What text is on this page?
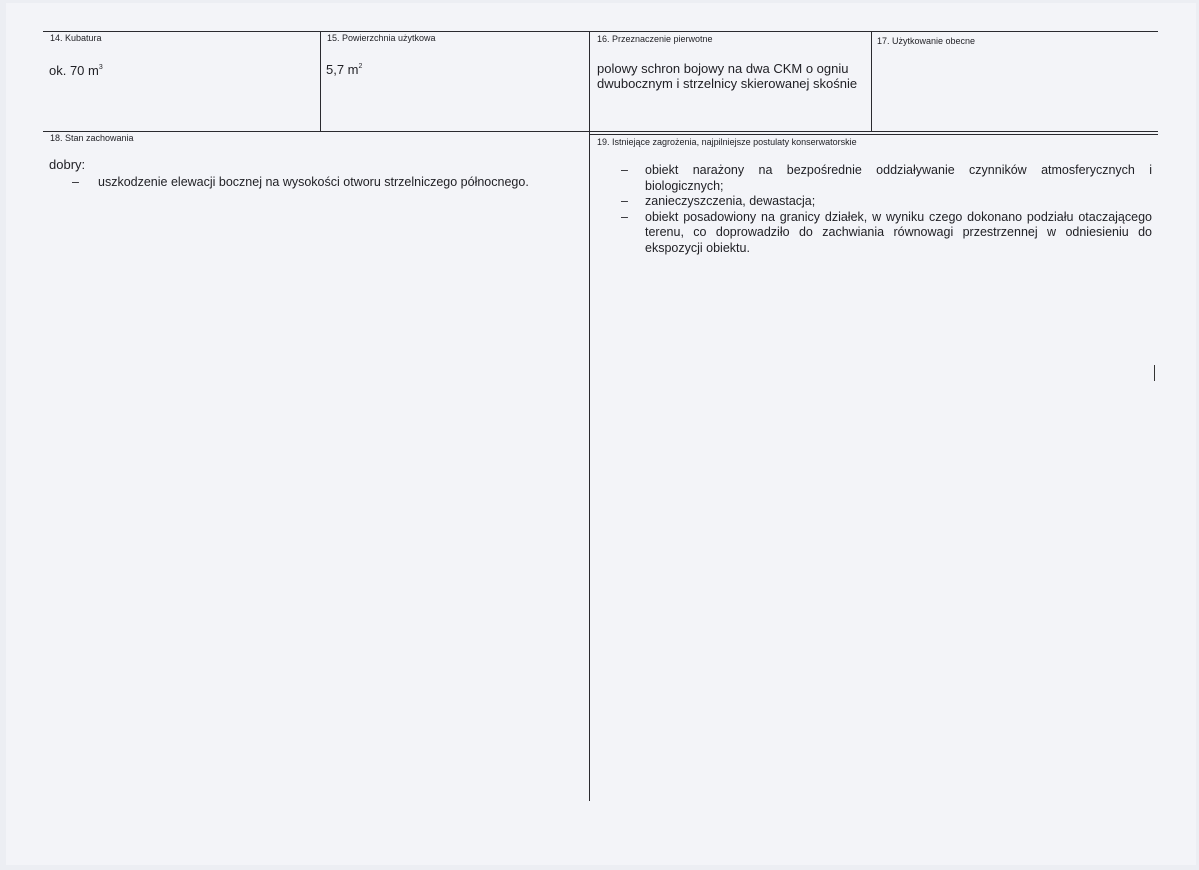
14. Kubatura
ok. 70 $m^3$
15. Powierzchnia użytkowa
5,7 $m^2$
16. Przeznaczenie pierwotne
polowy schron bojowy na dwa CKM o ogniu dwubocznym i strzelnicy skierowanej skośnie
17. Użytkowanie obecne
18. Stan zachowania
dobry:
– uszkodzenie elewacji bocznej na wysokości otworu strzelniczego północnego.
19. Istniejące zagrożenia, najpilniejsze postulaty konserwatorskie
– obiekt narażony na bezpośrednie oddziaływanie czynników atmosferycznych i biologicznych;
– zanieczyszczenia, dewastacja;
– obiekt posadowiony na granicy działek, w wyniku czego dokonano podziału otaczającego terenu, co doprowadziło do zachwiania równowagi przestrzennej w odniesieniu do ekspozycji obiektu.
